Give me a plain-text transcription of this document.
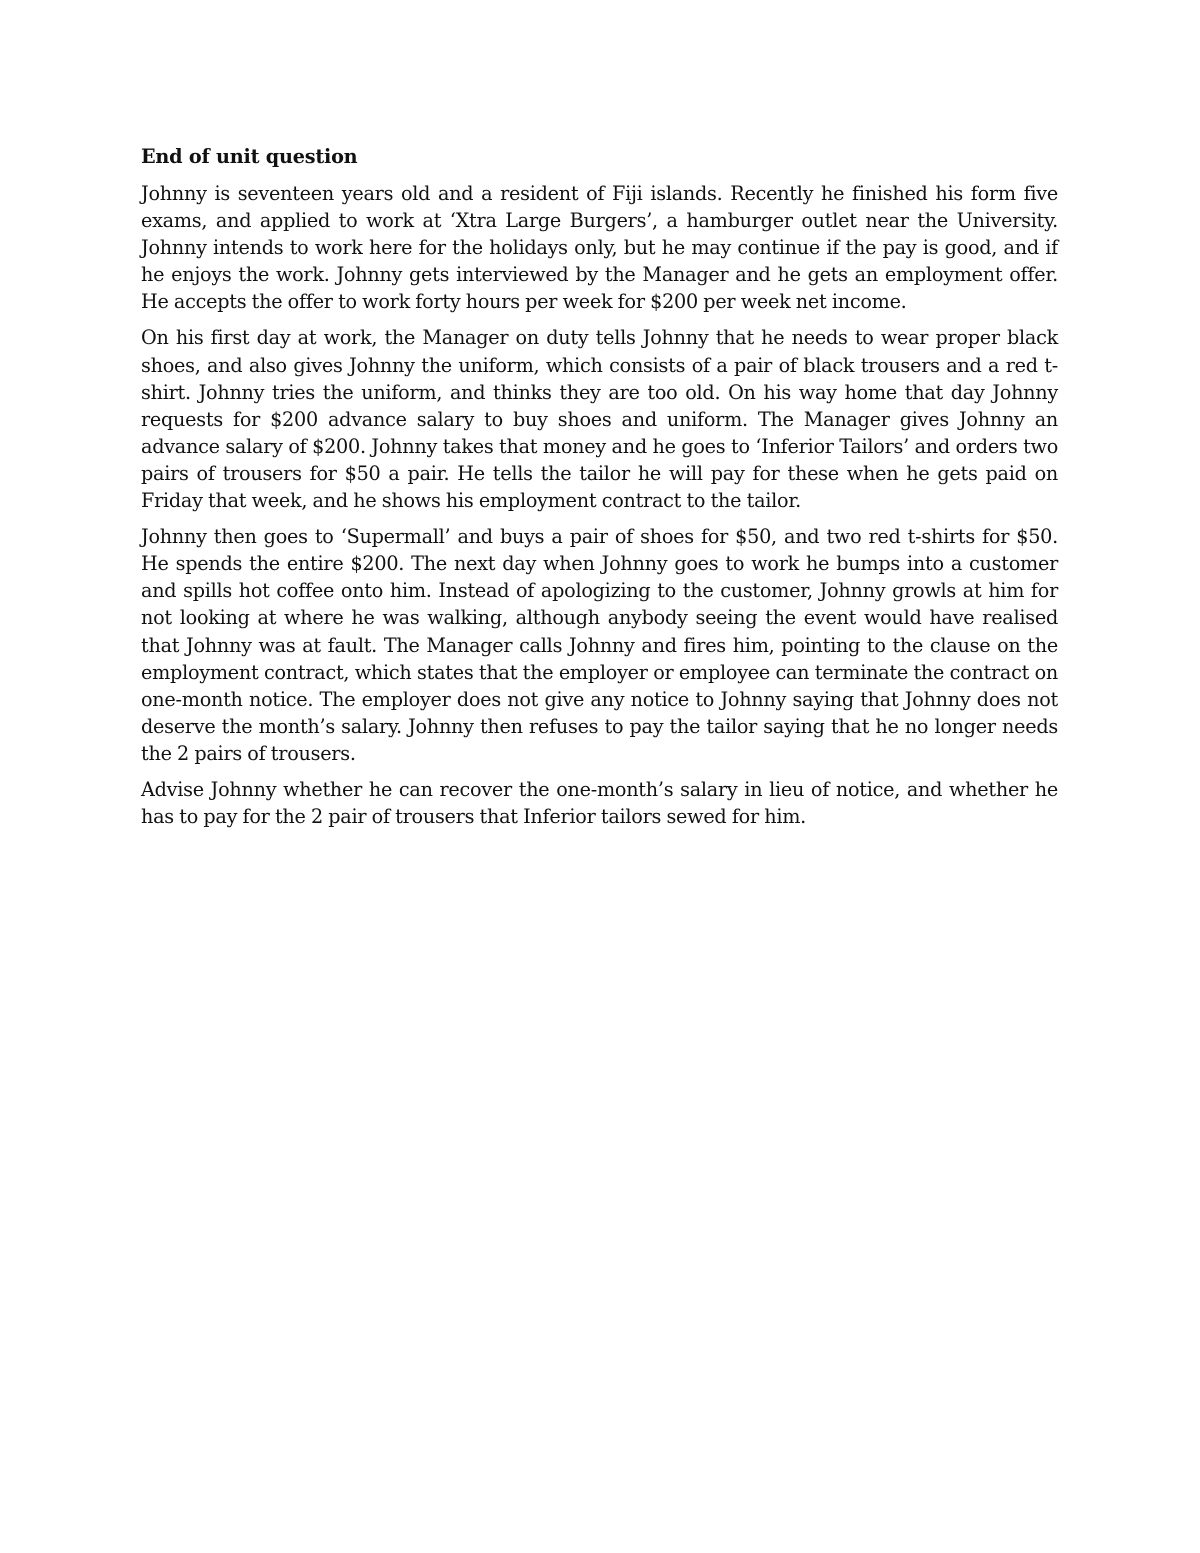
End of unit question

Johnny is seventeen years old and a resident of Fiji islands. Recently he finished his form five exams, and applied to work at ‘Xtra Large Burgers’, a hamburger outlet near the University. Johnny intends to work here for the holidays only, but he may continue if the pay is good, and if he enjoys the work. Johnny gets interviewed by the Manager and he gets an employment offer. He accepts the offer to work forty hours per week for $200 per week net income.

On his first day at work, the Manager on duty tells Johnny that he needs to wear proper black shoes, and also gives Johnny the uniform, which consists of a pair of black trousers and a red t-shirt. Johnny tries the uniform, and thinks they are too old. On his way home that day Johnny requests for $200 advance salary to buy shoes and uniform. The Manager gives Johnny an advance salary of $200. Johnny takes that money and he goes to ‘Inferior Tailors’ and orders two pairs of trousers for $50 a pair. He tells the tailor he will pay for these when he gets paid on Friday that week, and he shows his employment contract to the tailor.

Johnny then goes to ‘Supermall’ and buys a pair of shoes for $50, and two red t-shirts for $50. He spends the entire $200. The next day when Johnny goes to work he bumps into a customer and spills hot coffee onto him. Instead of apologizing to the customer, Johnny growls at him for not looking at where he was walking, although anybody seeing the event would have realised that Johnny was at fault. The Manager calls Johnny and fires him, pointing to the clause on the employment contract, which states that the employer or employee can terminate the contract on one-month notice. The employer does not give any notice to Johnny saying that Johnny does not deserve the month’s salary. Johnny then refuses to pay the tailor saying that he no longer needs the 2 pairs of trousers.

Advise Johnny whether he can recover the one-month’s salary in lieu of notice, and whether he has to pay for the 2 pair of trousers that Inferior tailors sewed for him.
